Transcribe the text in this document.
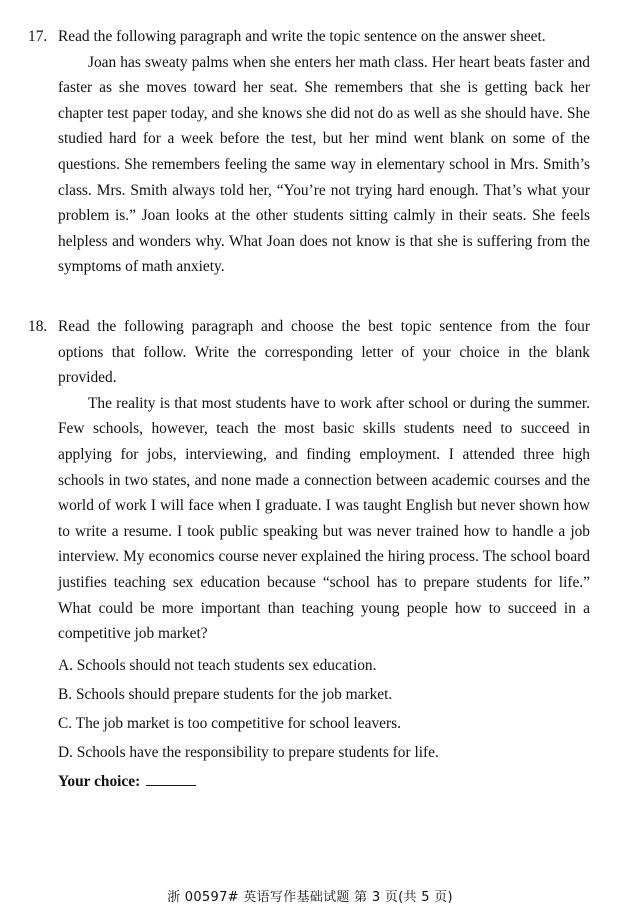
17. Read the following paragraph and write the topic sentence on the answer sheet.
Joan has sweaty palms when she enters her math class. Her heart beats faster and faster as she moves toward her seat. She remembers that she is getting back her chapter test paper today, and she knows she did not do as well as she should have. She studied hard for a week before the test, but her mind went blank on some of the questions. She remembers feeling the same way in elementary school in Mrs. Smith’s class. Mrs. Smith always told her, “You’re not trying hard enough. That’s what your problem is.” Joan looks at the other students sitting calmly in their seats. She feels helpless and wonders why. What Joan does not know is that she is suffering from the symptoms of math anxiety.
18. Read the following paragraph and choose the best topic sentence from the four options that follow. Write the corresponding letter of your choice in the blank provided.
The reality is that most students have to work after school or during the summer. Few schools, however, teach the most basic skills students need to succeed in applying for jobs, interviewing, and finding employment. I attended three high schools in two states, and none made a connection between academic courses and the world of work I will face when I graduate. I was taught English but never shown how to write a resume. I took public speaking but was never trained how to handle a job interview. My economics course never explained the hiring process. The school board justifies teaching sex education because “school has to prepare students for life.” What could be more important than teaching young people how to succeed in a competitive job market?
A. Schools should not teach students sex education.
B. Schools should prepare students for the job market.
C. The job market is too competitive for school leavers.
D. Schools have the responsibility to prepare students for life.
Your choice:
浙 00597# 英语写作基础试题 第 3 页(共 5 页)
